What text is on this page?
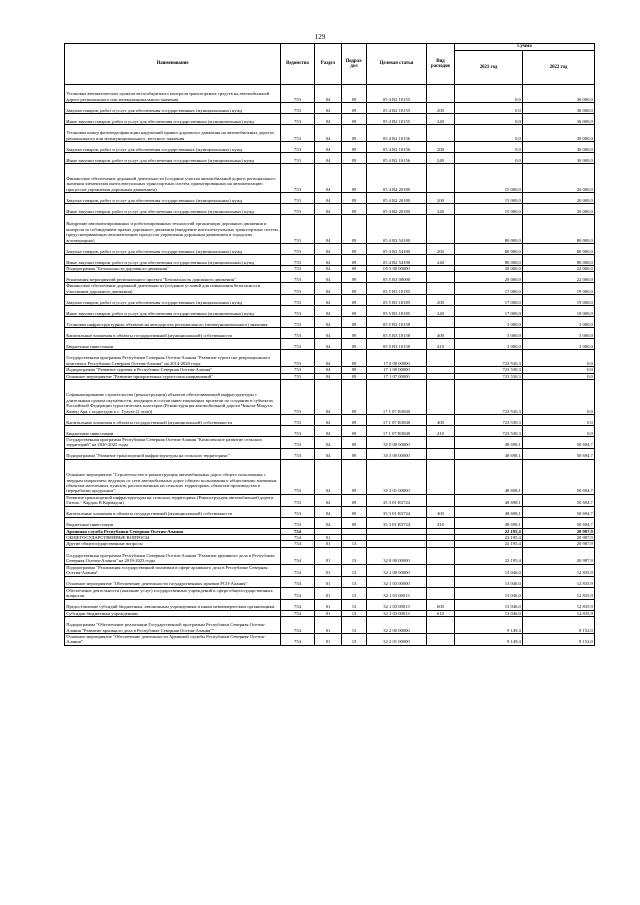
129
Наименование	Ведомство	Раздел	Подраз-
дел	Целевая статья	Вид
расходов	Сумма	
						2021 год	2022 год
Установка автоматических пунктов весогабаритного контроля транспортных средств на автомобильной дороге регионального или межмуниципального значения	753	04	09	05 4 R2 10155		0,0	36 000,0
Закупка товаров, работ и услуг для обеспечения государственных (муниципальных) нужд	753	04	09	05 4 R2 10155	200	0,0	36 000,0
Иные закупки товаров, работ и услуг для обеспечения государственных (муниципальных) нужд	753	04	09	05 4 R2 10155	240	0,0	36 000,0
Установка камер фотовидеофиксации нарушений правил дорожного движения на автомобильных дорогах регионального или межмуниципального, местного значения	753	04	09	05 4 R2 10156		0,0	30 000,0
Закупка товаров, работ и услуг для обеспечения государственных (муниципальных) нужд	753	04	09	05 4 R2 10156	200	0,0	30 000,0
Иные закупки товаров, работ и услуг для обеспечения государственных (муниципальных) нужд	753	04	09	05 4 R2 10156	240	0,0	30 000,0
Финансовое обеспечение дорожной деятельности (создание участка автомобильной дороги регионального значения элементами интеллектуальных транспортных систем, ориентированных на автоматизацию процессов управления дорожным движением)	753	04	09	05 4 R2 20180		15 000,0	20 000,0
Закупка товаров, работ и услуг для обеспечения государственных (муниципальных) нужд	753	04	09	05 4 R2 20180	200	15 000,0	20 000,0
Иные закупки товаров, работ и услуг для обеспечения государственных (муниципальных) нужд	753	04	09	05 4 R2 20180	240	15 000,0	20 000,0
Внедрение автоматизированных и роботизированных технологий организации дорожного движения и контроля за соблюдением правил дорожного движения (внедрение интеллектуальных транспортных систем, предусматривающих автоматизацию процессов управления дорожным движением в городских агломерациях)	753	04	09	05 4 R2 54180		80 000,0	80 000,0
Закупка товаров, работ и услуг для обеспечения государственных (муниципальных) нужд	753	04	09	05 4 R2 54180	200	80 000,0	80 000,0
Иные закупки товаров, работ и услуг для обеспечения государственных (муниципальных) нужд	753	04	09	05 4 R2 54180	240	80 000,0	80 000,0
Подпрограмма "Безопасность дорожного движения"	753	04	09	05 5 00 00000		20 000,0	22 000,0
Реализация мероприятий регионального проекта "Безопасность дорожного движения"	753	04	09	05 5 R3 00000		20 000,0	22 000,0
Финансовое обеспечение дорожной деятельности (создание условий для повышения безопасности участников дорожного движения)	753	04	09	05 5 R3 10185		17 000,0	19 000,0
Закупка товаров, работ и услуг для обеспечения государственных (муниципальных) нужд	753	04	09	05 5 R3 10185	200	17 000,0	19 000,0
Иные закупки товаров, работ и услуг для обеспечения государственных (муниципальных) нужд	753	04	09	05 5 R3 10185	240	17 000,0	19 000,0
Установка инфраструктурных объектов на автодорогах регионального (межмуниципального) значения	753	04	09	05 5 R3 10158		3 000,0	3 000,0
Капитальные вложения в объекты государственной (муниципальной) собственности	753	04	09	05 5 R3 10158	400	3 000,0	3 000,0
Бюджетные инвестиции	753	04	09	05 5 R3 10158	410	3 000,0	3 000,0
Государственная программа Республики Северная Осетия-Алания "Развитие туристско-рекреационного комплекса Республики Северная Осетия-Алания" на 2014-2020 годы	753	04	09	17 0 00 00000		723 530,3	0,0
Подпрограмма "Развитие туризма в Республике Северная Осетия-Алания"	753	04	09	17 1 00 00000		723 530,3	0,0
Основное мероприятие "Развитие приоритетных туристских направлений"	753	04	09	17 1 07 00000		723 530,3	0,0
Софинансирование строительства (реконструкции) объектов обеспечивающей инфраструктуры с длительным сроком окупаемости, входящих в состав инвестиционных проектов по созданию в субъектах Российской Федерации туристических кластеров (Реконструкция автомобильной дороги Чикола-Мацута-Камец Арк с подъездом к с. Гулуат (2 этап))	753	04	09	17 1 07 R3840		723 530,3	0,0
Капитальные вложения в объекты государственной (муниципальной) собственности	753	04	09	17 1 07 R3840	400	723 530,3	0,0
Бюджетные инвестиции	753	04	09	17 1 07 R3840	410	723 530,3	0,0
Государственная программа Республики Северная Осетия-Алания "Комплексное развитие сельских территорий" на 2020-2025 годы	753	04	09	35 0 00 00000		48 698,1	50 694,7
Подпрограмма "Развитие транспортной инфраструктуры на сельских территориях"	753	04	09	35 3 00 00000		48 698,1	50 694,7
Основное мероприятие "Строительство и реконструкция автомобильных дорог общего пользования с твердым покрытием, ведущих от сети автомобильных дорог общего пользования к общественно значимым объектам населенных пунктов, расположенных на сельских территориях, объектам производства и переработки продукции"	753	04	09	35 3 01 00000		48 698,1	50 694,7
Развитие транспортной инфраструктуры на сельских территориях (Реконструкция автомобильной дороги Гизель - Кардон В Кармадон)	753	04	09	35 3 01 R3724		48 698,1	50 694,7
Капитальные вложения в объекты государственной (муниципальной) собственности	753	04	09	35 3 01 R3724	400	48 698,1	50 694,7
Бюджетные инвестиции	753	04	09	35 3 01 R3724	410	48 698,1	50 694,7
Архивная служба Республики Северная Осетия-Алания	754					22 195,4	20 987,9
ОБЩЕГОСУДАРСТВЕННЫЕ ВОПРОСЫ	754	01				22 195,4	20 987,9
Другие общегосударственные вопросы	754	01	13			22 195,4	20 987,9
Государственная программа Республики Северная Осетия-Алания "Развитие архивного дела в Республике Северная Осетия-Алания" на 2019-2023 годы	754	01	13	32 0 00 00000		22 195,4	20 987,9
Подпрограмма "Реализация государственной политики в сфере архивного дела в Республике Северная Осетия-Алания"	754	01	13	32 1 00 00000		13 046,0	12 835,9
Основное мероприятие "Обеспечение деятельности государственных архивов РСО-Алания"	754	01	13	32 1 03 00000		13 046,0	12 835,9
Обеспечение деятельности (оказание услуг) государственных учреждений в сфере общегосударственных вопросов	754	01	13	32 1 03 00013		13 046,0	12 835,9
Предоставление субсидий бюджетным, автономным учреждениям и иным некоммерческим организациям	754	01	13	32 1 03 00013	600	13 046,0	12 835,9
Субсидии бюджетным учреждениям	754	01	13	32 1 03 00013	610	13 046,0	12 835,9
Подпрограмма "Обеспечение реализации Государственной программы Республики Северная Осетия-Алания "Развитие архивного дела в Республике Северная Осетия-Алания""	754	01	13	32 2 00 00000		9 149,4	8 152,0
Основное мероприятие "Обеспечение деятельности Архивной службы Республики Северная Осетия-Алания"	754	01	13	32 2 01 00000		9 149,4	8 152,0
